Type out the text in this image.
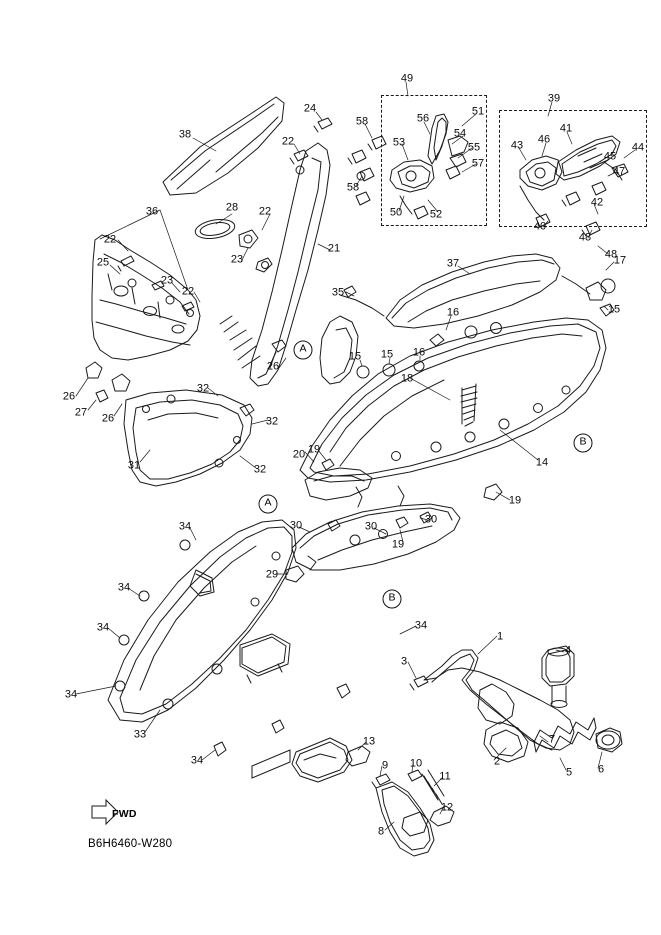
49
39
24	51
58	56
54	41
38
22	53	55	43 46
45
57
58
47
44
36	28 22	50	52
42
40
48
48
22
21
23
25	17
23
22
37
35
15
16
15 15 16
18
26
32
26
26
27
32
14
31	32
19
20
19
34	30	30
30
19
29
34
34	34
1
4
3
34
33
34
7
2
5 6
13
9 10
11
12
8
A
B
A
B
FWD
B6H6460-W280
